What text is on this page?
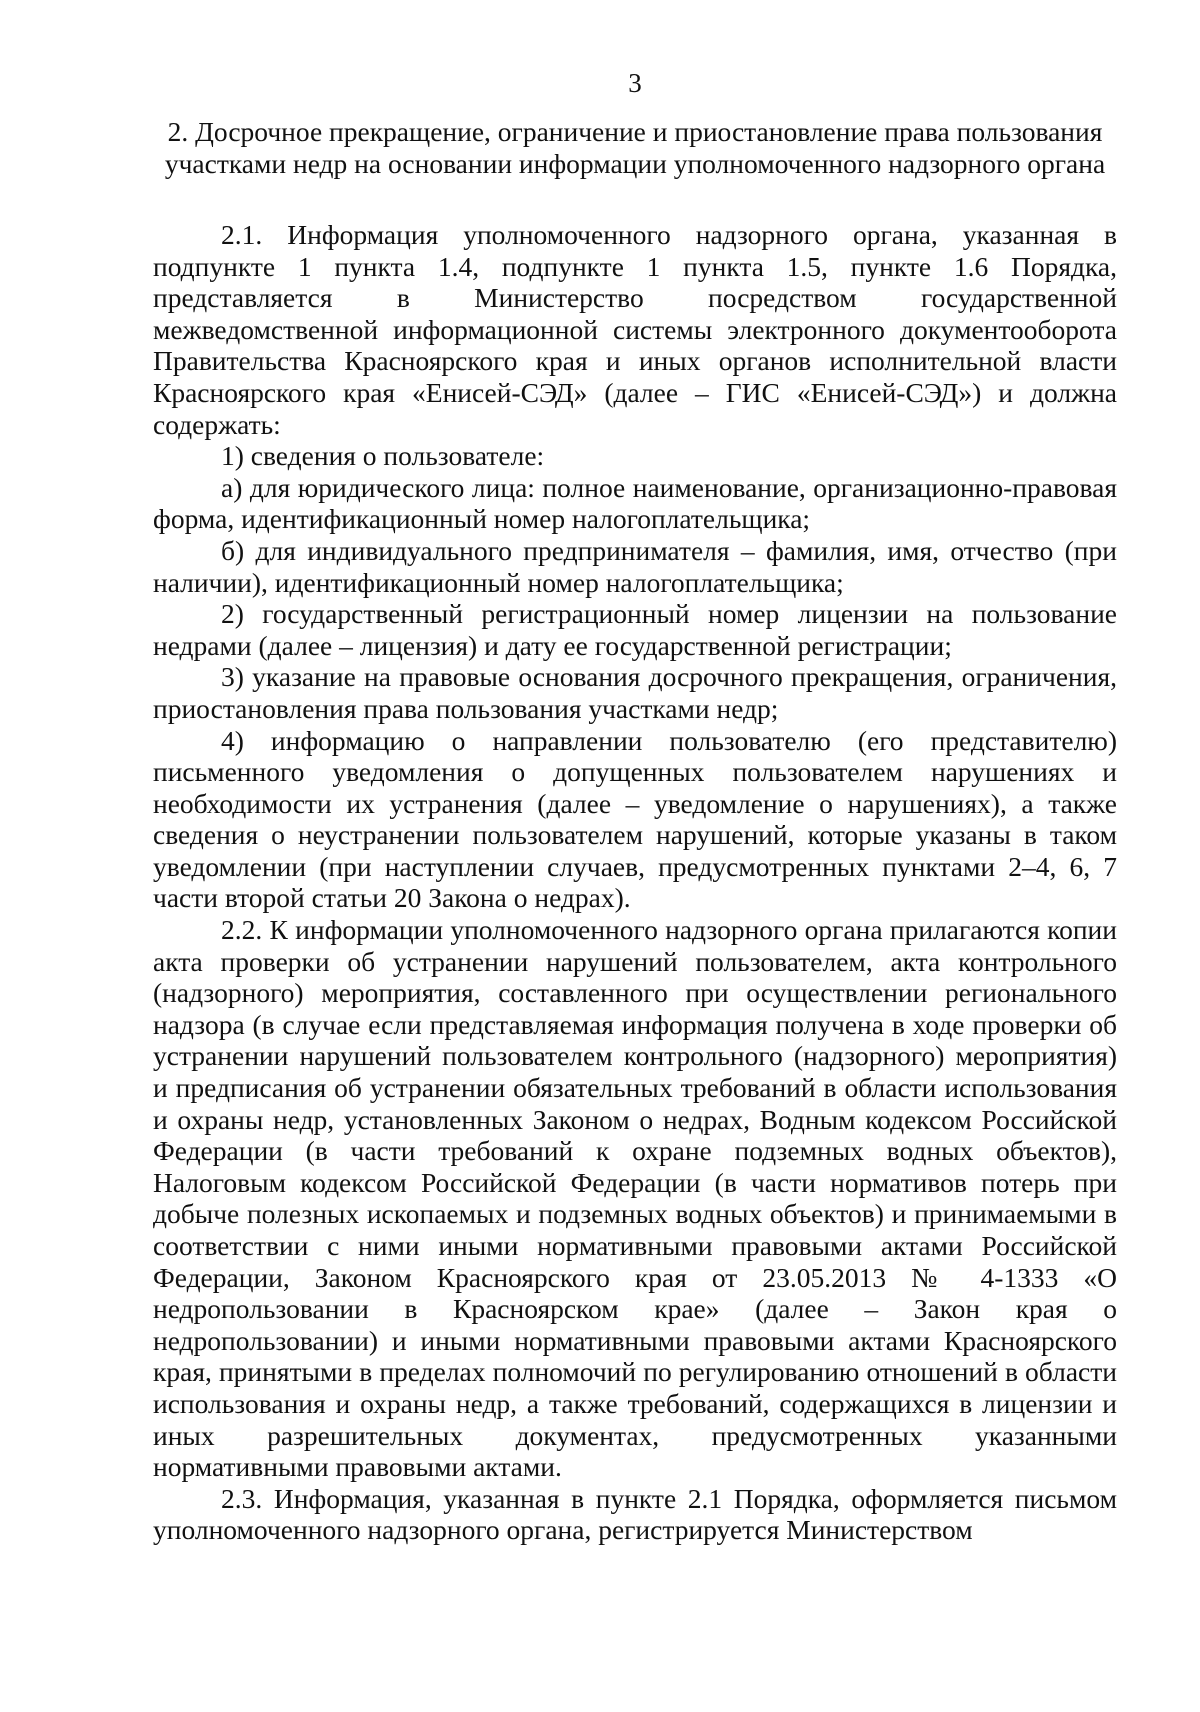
3
2. Досрочное прекращение, ограничение и приостановление права пользования
участками недр на основании информации уполномоченного надзорного органа

2.1. Информация уполномоченного надзорного органа, указанная в подпункте 1 пункта 1.4, подпункте 1 пункта 1.5, пункте 1.6 Порядка, представляется в Министерство посредством государственной межведомственной информационной системы электронного документооборота Правительства Красноярского края и иных органов исполнительной власти Красноярского края «Енисей-СЭД» (далее – ГИС «Енисей-СЭД») и должна содержать:

1) сведения о пользователе:

а) для юридического лица: полное наименование, организационно-правовая форма, идентификационный номер налогоплательщика;

б) для индивидуального предпринимателя – фамилия, имя, отчество (при наличии), идентификационный номер налогоплательщика;

2) государственный регистрационный номер лицензии на пользование недрами (далее – лицензия) и дату ее государственной регистрации;

3) указание на правовые основания досрочного прекращения, ограничения, приостановления права пользования участками недр;

4) информацию о направлении пользователю (его представителю) письменного уведомления о допущенных пользователем нарушениях и необходимости их устранения (далее – уведомление о нарушениях), а также сведения о неустранении пользователем нарушений, которые указаны в таком уведомлении (при наступлении случаев, предусмотренных пунктами 2–4, 6, 7 части второй статьи 20 Закона о недрах).

2.2. К информации уполномоченного надзорного органа прилагаются копии акта проверки об устранении нарушений пользователем, акта контрольного (надзорного) мероприятия, составленного при осуществлении регионального надзора (в случае если представляемая информация получена в ходе проверки об устранении нарушений пользователем контрольного (надзорного) мероприятия) и предписания об устранении обязательных требований в области использования и охраны недр, установленных Законом о недрах, Водным кодексом Российской Федерации (в части требований к охране подземных водных объектов), Налоговым кодексом Российской Федерации (в части нормативов потерь при добыче полезных ископаемых и подземных водных объектов) и принимаемыми в соответствии с ними иными нормативными правовыми актами Российской Федерации, Законом Красноярского края от 23.05.2013 № 4-1333 «О недропользовании в Красноярском крае» (далее – Закон края о недропользовании) и иными нормативными правовыми актами Красноярского края, принятыми в пределах полномочий по регулированию отношений в области использования и охраны недр, а также требований, содержащихся в лицензии и иных разрешительных документах, предусмотренных указанными нормативными правовыми актами.

2.3. Информация, указанная в пункте 2.1 Порядка, оформляется письмом уполномоченного надзорного органа, регистрируется Министерством
